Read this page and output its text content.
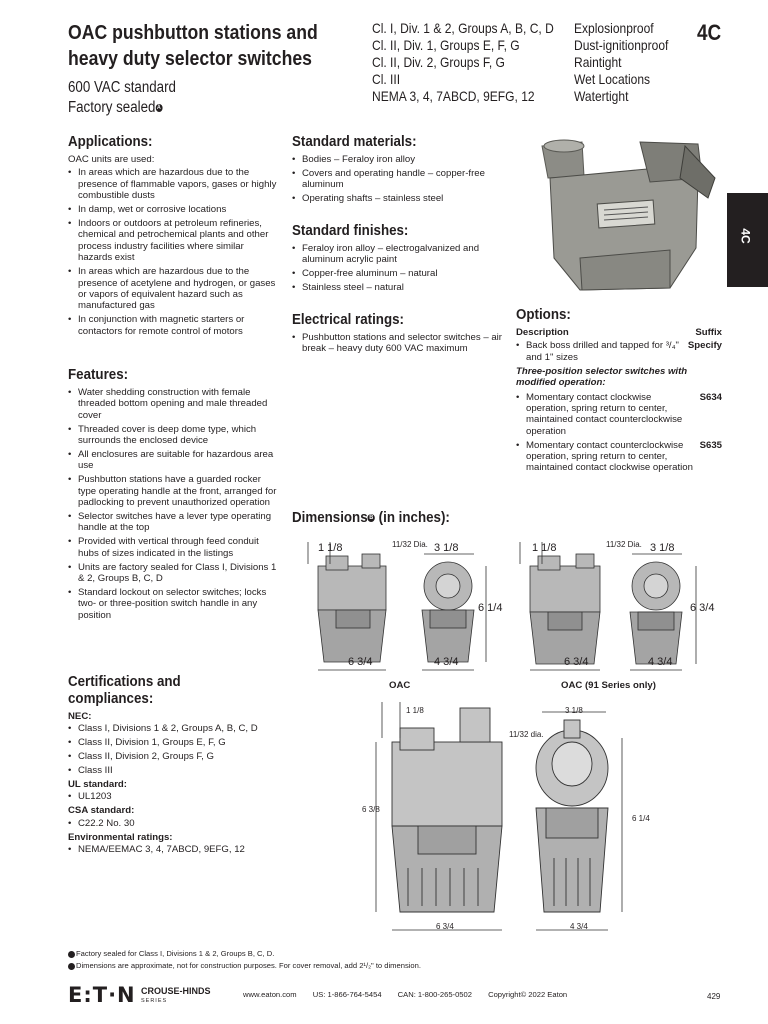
OAC pushbutton stations and
heavy duty selector switches
600 VAC standard
Factory sealed A
Cl. I, Div. 1 & 2, Groups A, B, C, D
Cl. II, Div. 1, Groups E, F, G
Cl. II, Div. 2, Groups F, G
Cl. III
NEMA 3, 4, 7ABCD, 9EFG, 12
Explosionproof
Dust-ignitionproof
Raintight
Wet Locations
Watertight
4C
4C
Applications:
OAC units are used:
• In areas which are hazardous due to the presence of flammable vapors, gases or highly combustible dusts
• In damp, wet or corrosive locations
• Indoors or outdoors at petroleum refineries, chemical and petrochemical plants and other process industry facilities where similar hazards exist
• In areas which are hazardous due to the presence of acetylene and hydrogen, or gases or vapors of equivalent hazard such as manufactured gas
• In conjunction with magnetic starters or contactors for remote control of motors
Features:
• Water shedding construction with female threaded bottom opening and male threaded cover
• Threaded cover is deep dome type, which surrounds the enclosed device
• All enclosures are suitable for hazardous area use
• Pushbutton stations have a guarded rocker type operating handle at the front, arranged for padlocking to prevent unauthorized operation
• Selector switches have a lever type operating handle at the top
• Provided with vertical through feed conduit hubs of sizes indicated in the listings
• Units are factory sealed for Class I, Divisions 1 & 2, Groups B, C, D
• Standard lockout on selector switches; locks two- or three-position switch handle in any position
Certifications and
compliances:
NEC:
• Class I, Divisions 1 & 2, Groups A, B, C, D
• Class II, Division 1, Groups E, F, G
• Class II, Division 2, Groups F, G
• Class III
UL standard:
• UL1203
CSA standard:
• C22.2 No. 30
Environmental ratings:
• NEMA/EEMAC 3, 4, 7ABCD, 9EFG, 12
Standard materials:
• Bodies – Feraloy iron alloy
• Covers and operating handle – copper-free aluminum
• Operating shafts – stainless steel
Standard finishes:
• Feraloy iron alloy – electrogalvanized and aluminum acrylic paint
• Copper-free aluminum – natural
• Stainless steel – natural
Electrical ratings:
• Pushbutton stations and selector switches – air break – heavy duty 600 VAC maximum
Options:
Description	Suffix
• Back boss drilled and tapped for ³/₄" and 1" sizes
Specify
Three-position selector switches with modified operation:
• Momentary contact clockwise operation, spring return to center, maintained contact counterclockwise operation
S634
• Momentary contact counterclockwise operation, spring return to center, maintained contact clockwise operation
S635
Dimensions B (in inches):
1 1/8	11/32 Dia. 3 1/8
6 1/4
6 3/4	4 3/4
OAC
1 1/8	11/32 Dia. 3 1/8
6 3/4
6 3/4	4 3/4
OAC (91 Series only)
1 1/8
11/32 dia.
3 1/8
6 3/8
6 1/4
6 3/4	4 3/4
Factory sealed for Class I, Divisions 1 & 2, Groups B, C, D.
Dimensions are approximate, not for construction purposes. For cover removal, add 2¹/₂" to dimension.
E:T·N CROUSE-HINDS
SERIES
www.eaton.com US: 1-866-764-5454 CAN: 1-800-265-0502 Copyright© 2022 Eaton	429
